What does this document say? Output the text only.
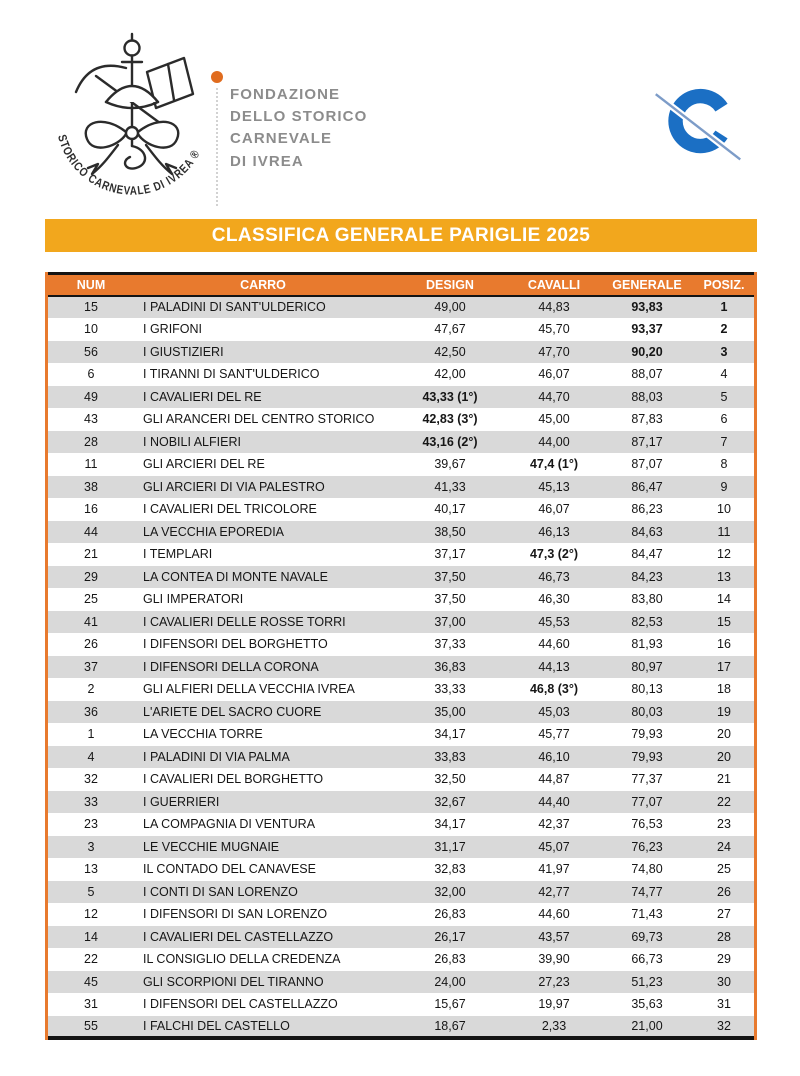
STORICO CARNEVALE DI IVREA ®
FONDAZIONE
DELLO STORICO
CARNEVALE
DI IVREA
CLASSIFICA GENERALE PARIGLIE 2025
NUM	CARRO	DESIGN	CAVALLI	GENERALE	POSIZ.
15	I PALADINI DI SANT'ULDERICO	49,00	44,83	93,83	1
10	I GRIFONI	47,67	45,70	93,37	2
56	I GIUSTIZIERI	42,50	47,70	90,20	3
6	I TIRANNI DI SANT'ULDERICO	42,00	46,07	88,07	4
49	I CAVALIERI DEL RE	43,33 (1°)	44,70	88,03	5
43	GLI ARANCERI DEL CENTRO STORICO	42,83 (3°)	45,00	87,83	6
28	I NOBILI ALFIERI	43,16 (2°)	44,00	87,17	7
11	GLI ARCIERI DEL RE	39,67	47,4 (1°)	87,07	8
38	GLI ARCIERI DI VIA PALESTRO	41,33	45,13	86,47	9
16	I CAVALIERI DEL TRICOLORE	40,17	46,07	86,23	10
44	LA VECCHIA EPOREDIA	38,50	46,13	84,63	11
21	I TEMPLARI	37,17	47,3 (2°)	84,47	12
29	LA CONTEA DI MONTE NAVALE	37,50	46,73	84,23	13
25	GLI IMPERATORI	37,50	46,30	83,80	14
41	I CAVALIERI DELLE ROSSE TORRI	37,00	45,53	82,53	15
26	I DIFENSORI DEL BORGHETTO	37,33	44,60	81,93	16
37	I DIFENSORI DELLA CORONA	36,83	44,13	80,97	17
2	GLI ALFIERI DELLA VECCHIA IVREA	33,33	46,8 (3°)	80,13	18
36	L'ARIETE DEL SACRO CUORE	35,00	45,03	80,03	19
1	LA VECCHIA TORRE	34,17	45,77	79,93	20
4	I PALADINI DI VIA PALMA	33,83	46,10	79,93	20
32	I CAVALIERI DEL BORGHETTO	32,50	44,87	77,37	21
33	I GUERRIERI	32,67	44,40	77,07	22
23	LA COMPAGNIA DI VENTURA	34,17	42,37	76,53	23
3	LE VECCHIE MUGNAIE	31,17	45,07	76,23	24
13	IL CONTADO DEL CANAVESE	32,83	41,97	74,80	25
5	I CONTI DI SAN LORENZO	32,00	42,77	74,77	26
12	I DIFENSORI DI SAN LORENZO	26,83	44,60	71,43	27
14	I CAVALIERI DEL CASTELLAZZO	26,17	43,57	69,73	28
22	IL CONSIGLIO DELLA CREDENZA	26,83	39,90	66,73	29
45	GLI SCORPIONI DEL TIRANNO	24,00	27,23	51,23	30
31	I DIFENSORI DEL CASTELLAZZO	15,67	19,97	35,63	31
55	I FALCHI DEL CASTELLO	18,67	2,33	21,00	32
